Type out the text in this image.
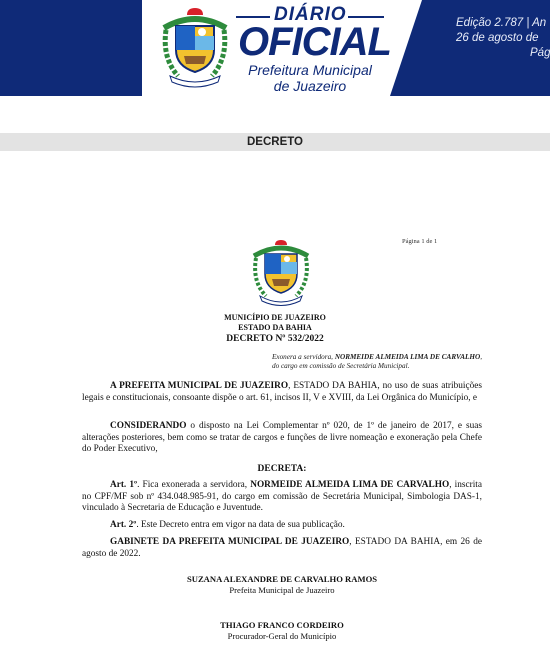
DIÁRIO
OFICIAL
Prefeitura Municipal
de Juazeiro
Edição 2.787 | An
26 de agosto de
Pág
DECRETO
Página 1 de 1
MUNICÍPIO DE JUAZEIRO
ESTADO DA BAHIA
DECRETO Nº 532/2022
Exonera a servidora, NORMEIDE ALMEIDA LIMA DE CARVALHO, do cargo em comissão de Secretária Municipal.
A PREFEITA MUNICIPAL DE JUAZEIRO, ESTADO DA BAHIA, no uso de suas atribuições legais e constitucionais, consoante dispõe o art. 61, incisos II, V e XVIII, da Lei Orgânica do Município, e
CONSIDERANDO o disposto na Lei Complementar nº 020, de 1º de janeiro de 2017, e suas alterações posteriores, bem como se tratar de cargos e funções de livre nomeação e exoneração pela Chefe do Poder Executivo,
DECRETA:
Art. 1º. Fica exonerada a servidora, NORMEIDE ALMEIDA LIMA DE CARVALHO, inscrita no CPF/MF sob nº 434.048.985-91, do cargo em comissão de Secretária Municipal, Simbologia DAS-1, vinculado à Secretaria de Educação e Juventude.
Art. 2º. Este Decreto entra em vigor na data de sua publicação.
GABINETE DA PREFEITA MUNICIPAL DE JUAZEIRO, ESTADO DA BAHIA, em 26 de agosto de 2022.
SUZANA ALEXANDRE DE CARVALHO RAMOS
Prefeita Municipal de Juazeiro
THIAGO FRANCO CORDEIRO
Procurador-Geral do Município
